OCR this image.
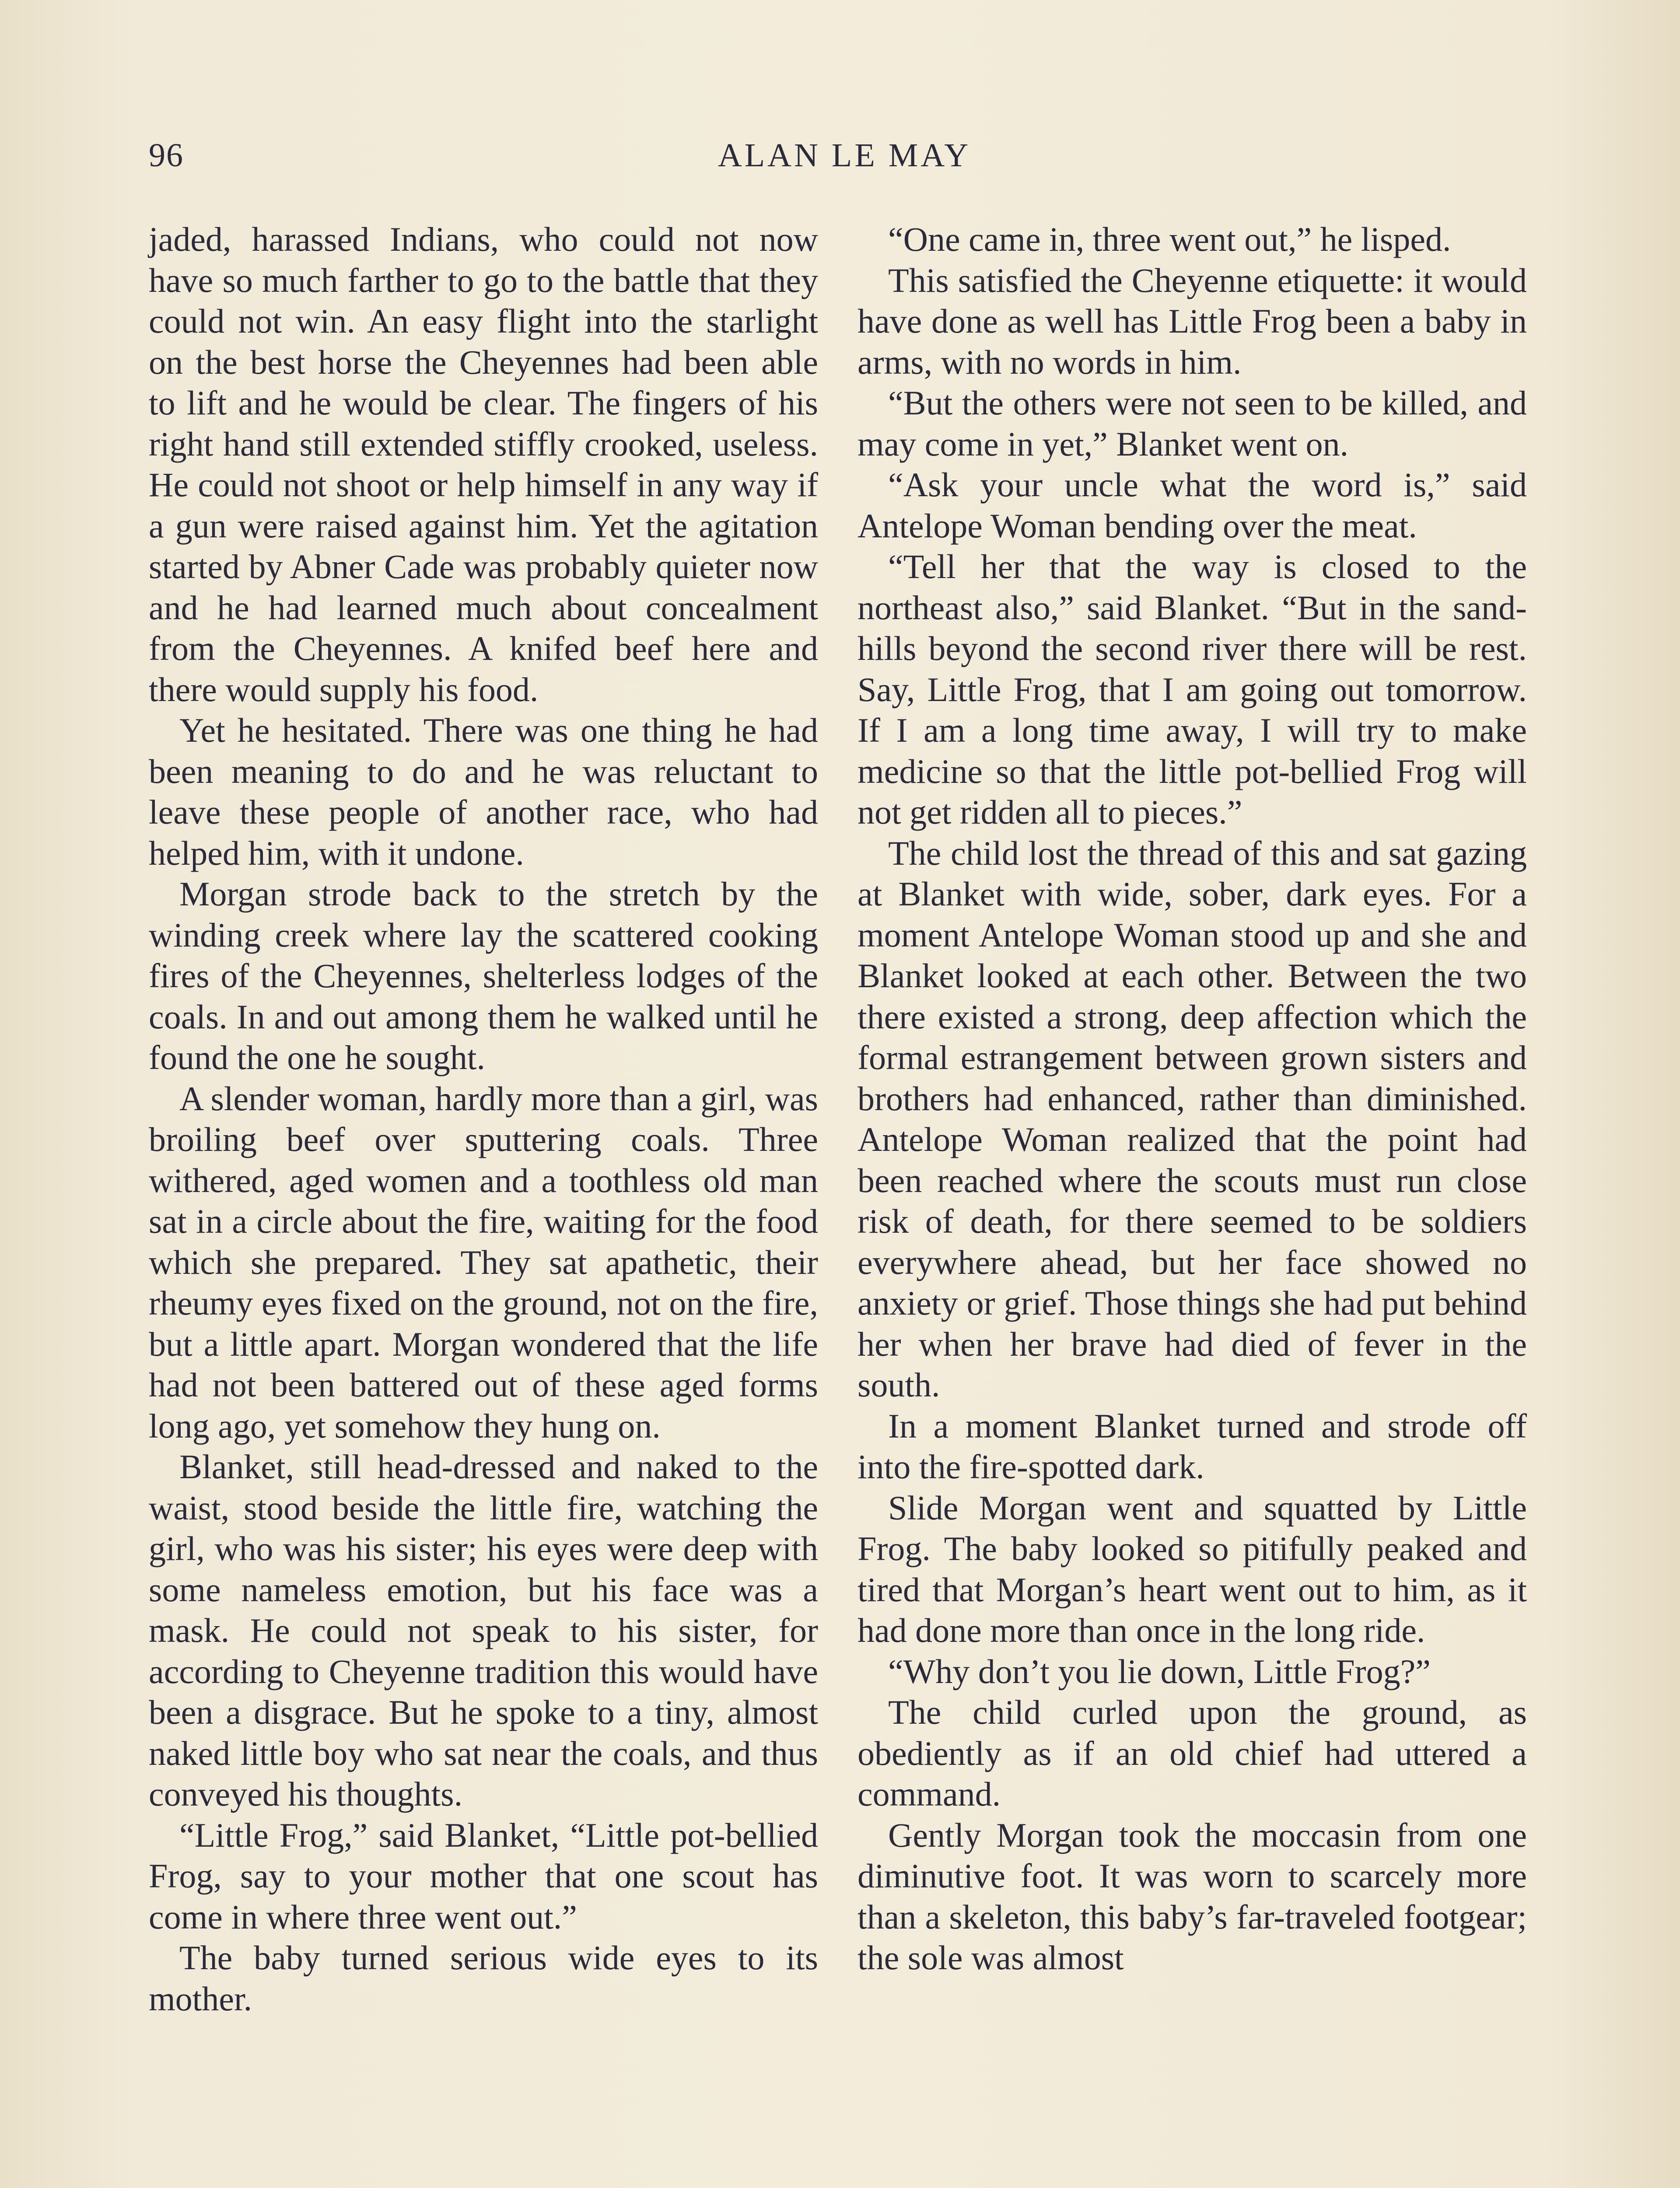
96	ALAN LE MAY

jaded, harassed Indians, who could not now have so much farther to go to the battle that they could not win. An easy flight into the starlight on the best horse the Cheyennes had been able to lift and he would be clear. The fingers of his right hand still extended stiffly crooked, useless. He could not shoot or help himself in any way if a gun were raised against him. Yet the agitation started by Abner Cade was probably quieter now and he had learned much about concealment from the Cheyennes. A knifed beef here and there would supply his food.

Yet he hesitated. There was one thing he had been meaning to do and he was reluctant to leave these people of another race, who had helped him, with it undone.

Morgan strode back to the stretch by the winding creek where lay the scattered cooking fires of the Cheyennes, shelterless lodges of the coals. In and out among them he walked until he found the one he sought.

A slender woman, hardly more than a girl, was broiling beef over sputtering coals. Three withered, aged women and a toothless old man sat in a circle about the fire, waiting for the food which she prepared. They sat apathetic, their rheumy eyes fixed on the ground, not on the fire, but a little apart. Morgan wondered that the life had not been battered out of these aged forms long ago, yet somehow they hung on.

Blanket, still head-dressed and naked to the waist, stood beside the little fire, watching the girl, who was his sister; his eyes were deep with some nameless emotion, but his face was a mask. He could not speak to his sister, for according to Cheyenne tradition this would have been a disgrace. But he spoke to a tiny, almost naked little boy who sat near the coals, and thus conveyed his thoughts.

“Little Frog,” said Blanket, “Little pot-bellied Frog, say to your mother that one scout has come in where three went out.”

The baby turned serious wide eyes to its mother.

“One came in, three went out,” he lisped.

This satisfied the Cheyenne etiquette: it would have done as well has Little Frog been a baby in arms, with no words in him.

“But the others were not seen to be killed, and may come in yet,” Blanket went on.

“Ask your uncle what the word is,” said Antelope Woman bending over the meat.

“Tell her that the way is closed to the northeast also,” said Blanket. “But in the sand-hills beyond the second river there will be rest. Say, Little Frog, that I am going out tomorrow. If I am a long time away, I will try to make medicine so that the little pot-bellied Frog will not get ridden all to pieces.”

The child lost the thread of this and sat gazing at Blanket with wide, sober, dark eyes. For a moment Antelope Woman stood up and she and Blanket looked at each other. Between the two there existed a strong, deep affection which the formal estrangement between grown sisters and brothers had enhanced, rather than diminished. Antelope Woman realized that the point had been reached where the scouts must run close risk of death, for there seemed to be soldiers everywhere ahead, but her face showed no anxiety or grief. Those things she had put behind her when her brave had died of fever in the south.

In a moment Blanket turned and strode off into the fire-spotted dark.

Slide Morgan went and squatted by Little Frog. The baby looked so pitifully peaked and tired that Morgan’s heart went out to him, as it had done more than once in the long ride.

“Why don’t you lie down, Little Frog?”

The child curled upon the ground, as obediently as if an old chief had uttered a command.

Gently Morgan took the moccasin from one diminutive foot. It was worn to scarcely more than a skeleton, this baby’s far-traveled footgear; the sole was almost
